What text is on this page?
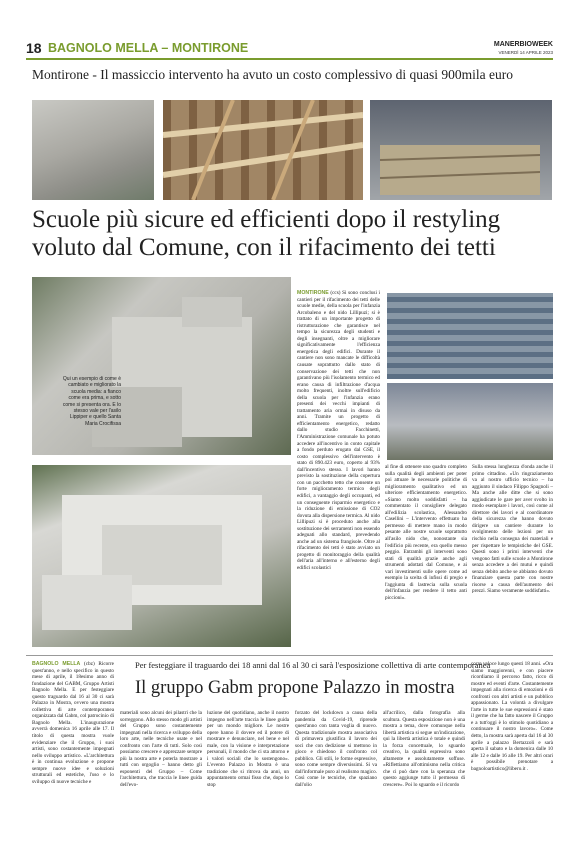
18 BAGNOLO MELLA – MONTIRONE	MANERBIOWEEK
VENERDÌ 14 APRILE 2023
Montirone - Il massiccio intervento ha avuto un costo complessivo di quasi 900mila euro
Scuole più sicure ed efficienti dopo il restyling voluto dal Comune, con il rifacimento dei tetti
Qui un esempio di come è cambiato e migliorato la scuola media: a fianco come era prima, e sotto come si presenta ora. E lo stesso vale per l'asilo Lippiper e quello Santa Maria Crocifissa
MONTIRONE (ccs) Si sono conclusi i cantieri per il rifacimento dei tetti delle scuole medie, della scuola per l'infanzia Arcobaleno e del nido Lillipuzi; si è trattato di un importante progetto di ristrutturazione che garantisce nel tempo la sicurezza degli studenti e degli insegnanti, oltre a migliorare significativamente l'efficienza energetica degli edifici. Durante il cantiere non sono mancate le difficoltà causate soprattutto dallo stato di conservazione dei tetti che non garantivano più l'isolamento termico ed erano causa di infiltrazione d'acqua molto frequenti, inoltre sull'edificio della scuola per l'infanzia erano presenti dei vecchi impianti di trattamento aria ormai in disuso da anni. Tramite un progetto di efficientamento energetico, redatto dallo studio Facchinetti, l'Amministrazione comunale ha potuto accedere all'incentivo in conto capitale a fondo perduto erogato dal GSE, il costo complessivo dell'intervento è stato di 890.423 euro, coperto al 93% dall'incentivo stesso. I lavori hanno previsto la sostituzione della copertura con un pacchetto tetto che consente un forte miglioramento termico degli edifici, a vantaggio degli occupanti, ed un conseguente risparmio energetico e la riduzione di emissione di CO2 dovuta alla dispersione termica. Al nido Lillipuzi si è proceduto anche alla sostituzione dei serramenti non essendo adeguati allo standard, prevedendo anche ad un sistema frangisole. Oltre al rifacimento dei tetti è stato avviato un progetto di monitoraggio della qualità dell'aria all'interno e all'esterno degli edifici scolastici
al fine di ottenere uno quadro completo sulla qualità degli ambienti per poter poi attuare le necessarie politiche di miglioramento qualitativo ed un ulteriore efficientamento energetico. «Siamo molto soddisfatti – ha commentato il consigliere delegato all'edilizia scolastica, Alessandro Casellini – L'intervento effettuato ha permesso di mettere mano in modo pesante alle nostre scuole soprattutto all'asilo nido che, nonostante sia l'edificio più recente, era quello messo peggio. Entrambi gli interventi sono stati di qualità grazie anche agli strumenti adottati dal Comune, e ai vari investimenti sulle opere come ad esempio la scelta di infissi di pregio e l'aggiunta di lastrecia sulla scuola dell'infanzia per rendere il tetto anti piccioni».
Sulla stessa lunghezza d'onda anche il primo cittadino. «Un ringraziamento va al nostro ufficio tecnico – ha aggiunto il sindaco Filippo Spagnoli – Ma anche alle ditte che si sono aggiudicate le gare per aver svolto in modo esemplare i lavori, così come al direttore dei lavori e al coordinatore della sicurezza che hanno dovuto dirigere un cantiere durante lo svolgimento delle lezioni per un rischio nella consegna dei materiali e per rispettare le tempistiche del GSE. Questi sono i primi interventi che vengono fatti sulle scuole a Montirone senza accedere a dei mutui e quindi senza debito anche se abbiamo dovuto finanziare questa parte con nostre risorse a causa dell'aumento dei prezzi. Siamo veramente soddisfatti».
Per festeggiare il traguardo dei 18 anni dal 16 al 30 ci sarà l'esposizione collettiva di arte contemporanea
Il gruppo Gabm propone Palazzo in mostra
BAGNOLO MELLA (cbz) Ricorre quest'anno, e nello specifico in questo mese di aprile, il 18esimo anno di fondazione del GABM, Gruppo Artisti Bagnolo Mella. E per festeggiare questo traguardo dal 16 al 30 ci sarà Palazzo in Mostra, ovvero una mostra collettiva di arte contemporanea organizzata dal Gabm, col patrocinio di Bagnolo Mella. L'inaugurazione avverrà domenica 16 aprile alle 17. Il titolo di questa mostra vuole evidenziare che il Gruppo, i suoi artisti, sono costantemente impegnati nello sviluppo artistico. «L'architettura è in continua evoluzione e propone sempre nuove idee e soluzioni strutturali ed estetiche, l'uso e lo sviluppo di nuove tecniche e
materiali sono alcuni dei pilastri che la sorreggono. Allo stesso modo gli artisti del Gruppo sono costantemente impegnati nella ricerca e sviluppo della loro arte, nelle tecniche usate e nel confronto con l'arte di tutti. Solo così possiamo crescere e apprezzare sempre più la nostra arte e poterla mostrare a tutti con orgoglio – hanno detto gli esponenti del Gruppo – Come l'architettura, che traccia le linee guida dell'evo-
luzione del quotidiano, anche il nostro impegno nell'arte traccia le linee guida per un mondo migliore. Le nostre opere hanno il dovere ed il potere di mostrare e denunciare, nel bene e nel male, con la visione e interpretazione personali, il mondo che ci sta attorno e i valori sociali che lo sostengono». L'evento Palazzo in Mostra è una tradizione che si ritrova da anni, un appuntamento ormai fisso che, dopo lo stop
forzato del lockdown a causa della pandemia da Covid-19, riprende quest'anno con tanta voglia di nuovo. Questa tradizionale mostra associativa di primavera giustifica il lavoro dei soci che con dedizione si mettono in gioco e chiedono il confronto col pubblico. Gli stili, le forme espressive, sono come sempre diversissimi. Si va dall'informale puro al realismo magico. Così come le tecniche, che spaziano dall'olio
all'acrilico, dalla fotografia alla scultura. Questa esposizione non è una mostra a tema, dove comunque nella libertà artistica si segue un'indicazione, qui la libertà artistica è totale e quindi la forza concettuale, lo sguardo creativo, la qualità espressiva sono altamente e assolutamente soffuse. «Riflettiamo all'ottimismo nella critica che ci può dare con la speranza che questo aggiunge tutto il permesso di crescere». Poi lo sguardo e il ricordo
corre veloce lungo questi 18 anni. «Ora siamo maggiorenni, e con piacere ricordiamo il percorso fatto, ricco di mostre ed eventi d'arte. Costantemente impegnati alla ricerca di emozioni e di confronti con altri artisti e un pubblico appassionato. La volontà a divulgare l'arte in tutte le sue espressioni è stato il germe che ha fatto nascere il Gruppo e a tutt'oggi è lo stimolo quotidiano a continuare il nostro lavoro». Come detto, la mostra sarà aperta dal 16 al 30 aprile a palazzo Bertazzoli e sarà aperta il sabato e la domenica dalle 10 alle 12 e dalle 16 alle 19. Per altri orari è possibile prenotare a bagnoloartistico@libero.it .
